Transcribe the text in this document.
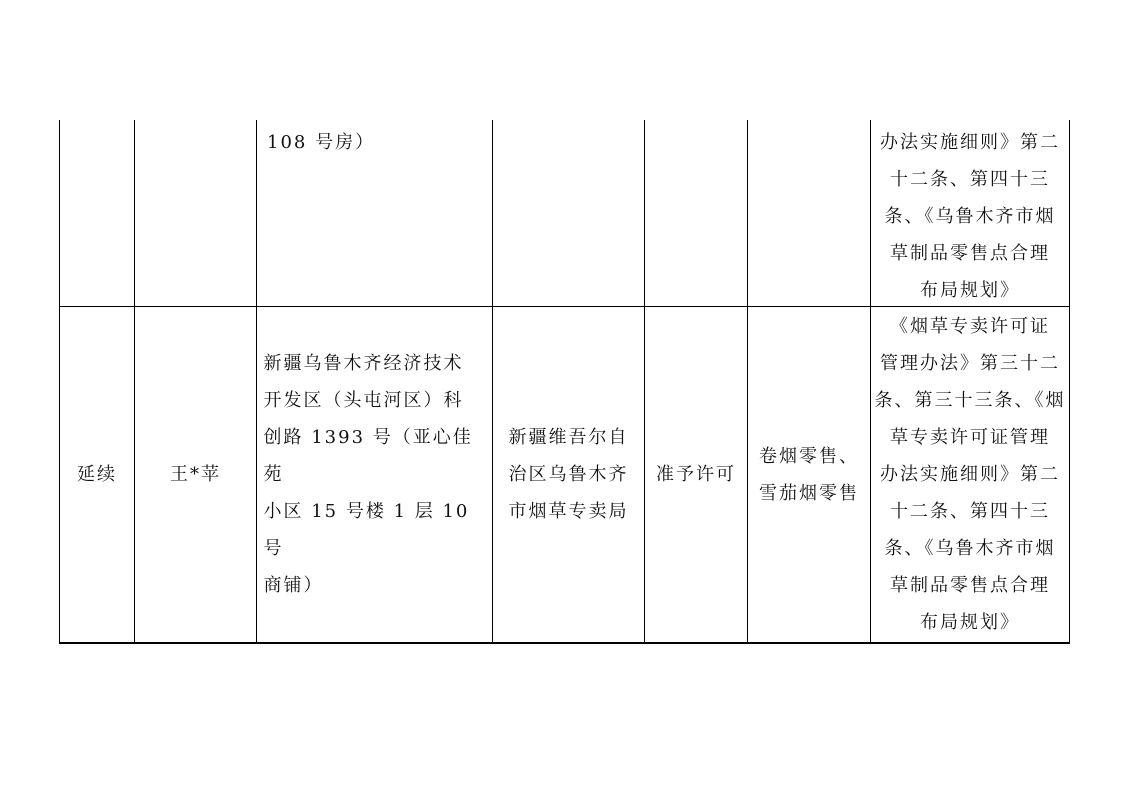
108 号房）	办法实施细则》第二
十二条、第四十三
条、《乌鲁木齐市烟
草制品零售点合理
布局规划》
延续	王*苹
新疆乌鲁木齐经济技术
开发区（头屯河区）科
创路 1393 号（亚心佳苑
小区 15 号楼 1 层 10 号
商铺）
新疆维吾尔自
治区乌鲁木齐
市烟草专卖局
准予许可
卷烟零售、
雪茄烟零售
《烟草专卖许可证
管理办法》第三十二
条、第三十三条、《烟
草专卖许可证管理
办法实施细则》第二
十二条、第四十三
条、《乌鲁木齐市烟
草制品零售点合理
布局规划》
